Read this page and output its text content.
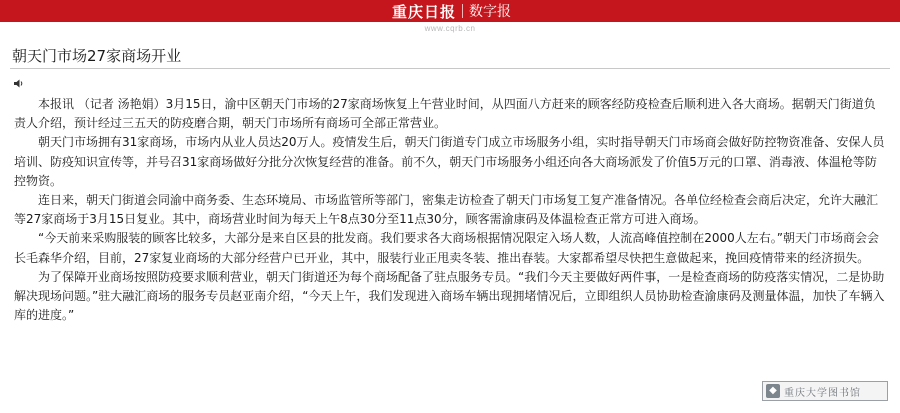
重庆日报 数字报
www.cqrb.cn
朝天门市场27家商场开业

本报讯 （记者 汤艳娟）3月15日，渝中区朝天门市场的27家商场恢复上午营业时间，从四面八方赶来的顾客经防疫检查后顺利进入各大商场。据朝天门街道负责人介绍，预计经过三五天的防疫磨合期，朝天门市场所有商场可全部正常营业。

朝天门市场拥有31家商场，市场内从业人员达20万人。疫情发生后，朝天门街道专门成立市场服务小组，实时指导朝天门市场商会做好防控物资准备、安保人员培训、防疫知识宣传等，并号召31家商场做好分批分次恢复经营的准备。前不久，朝天门市场服务小组还向各大商场派发了价值5万元的口罩、消毒液、体温枪等防控物资。

连日来，朝天门街道会同渝中商务委、生态环境局、市场监管所等部门，密集走访检查了朝天门市场复工复产准备情况。各单位经检查会商后决定，允许大融汇等27家商场于3月15日复业。其中，商场营业时间为每天上午8点30分至11点30分，顾客需渝康码及体温检查正常方可进入商场。

“今天前来采购服装的顾客比较多，大部分是来自区县的批发商。我们要求各大商场根据情况限定入场人数，人流高峰值控制在2000人左右。”朝天门市场商会会长毛森华介绍，目前，27家复业商场的大部分经营户已开业，其中，服装行业正甩卖冬装、推出春装。大家都希望尽快把生意做起来，挽回疫情带来的经济损失。

为了保障开业商场按照防疫要求顺利营业，朝天门街道还为每个商场配备了驻点服务专员。“我们今天主要做好两件事，一是检查商场的防疫落实情况，二是协助解决现场问题。”驻大融汇商场的服务专员赵亚南介绍，“今天上午，我们发现进入商场车辆出现拥堵情况后，立即组织人员协助检查渝康码及测量体温，加快了车辆入库的进度。”

◆ 重庆大学图书馆
